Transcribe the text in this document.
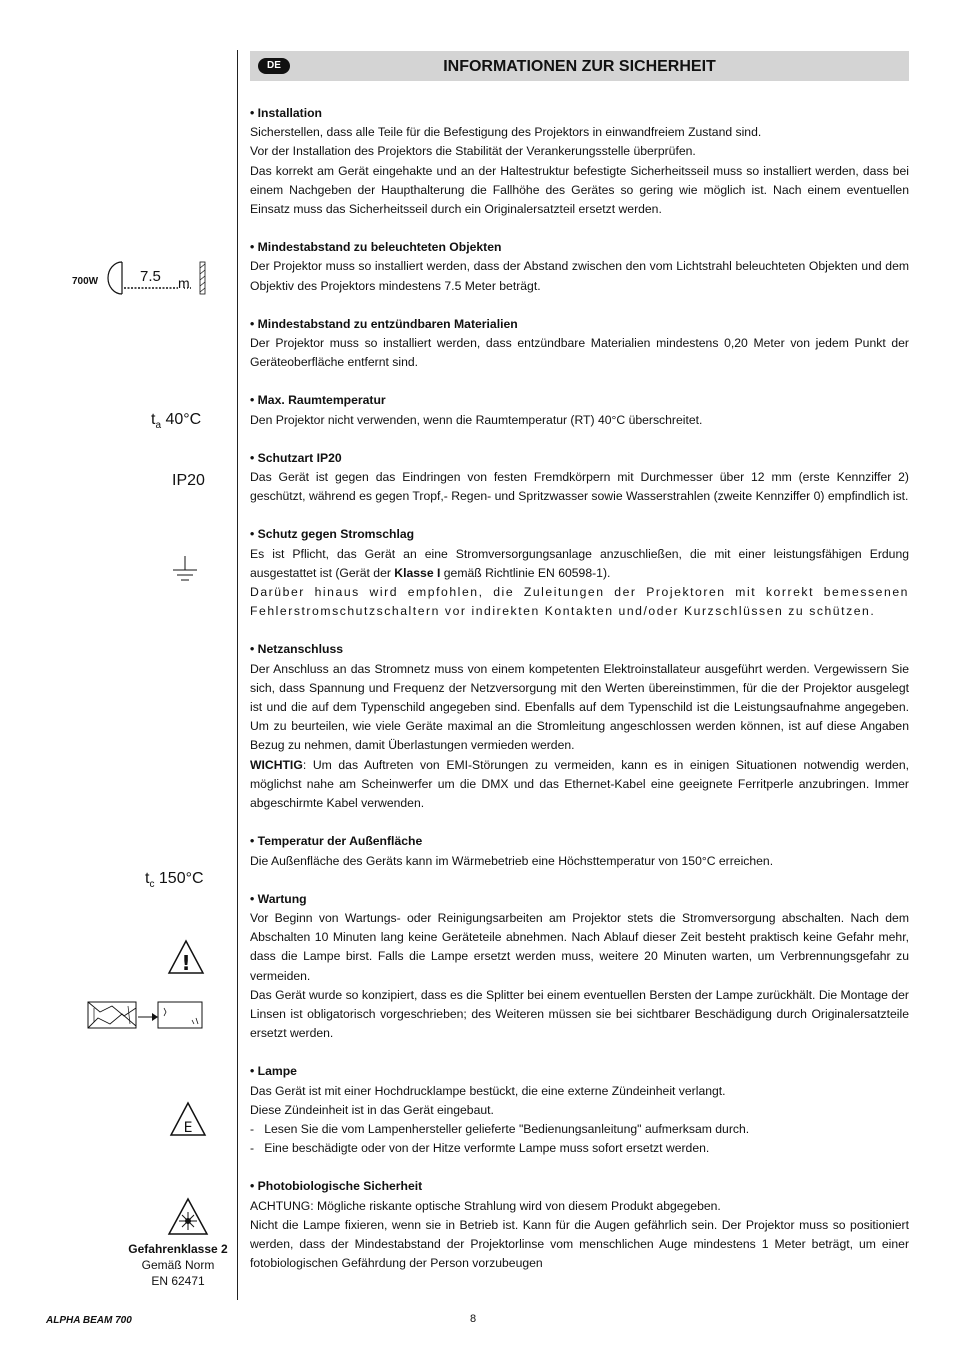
DE	INFORMATIONEN ZUR SICHERHEIT

• Installation

Sicherstellen, dass alle Teile für die Befestigung des Projektors in einwandfreiem Zustand sind.

Vor der Installation des Projektors die Stabilität der Verankerungsstelle überprüfen.

Das korrekt am Gerät eingehakte und an der Haltestruktur befestigte Sicherheitsseil muss so installiert werden, dass bei einem Nachgeben der Haupthalterung die Fallhöhe des Gerätes so gering wie möglich ist. Nach einem eventuellen Einsatz muss das Sicherheitsseil durch ein Originalersatzteil ersetzt werden.

• Mindestabstand zu beleuchteten Objekten

Der Projektor muss so installiert werden, dass der Abstand zwischen den vom Lichtstrahl beleuchteten Objekten und dem Objektiv des Projektors mindestens 7.5 Meter beträgt.

• Mindestabstand zu entzündbaren Materialien

Der Projektor muss so installiert werden, dass entzündbare Materialien mindestens 0,20 Meter von jedem Punkt der Geräteoberfläche entfernt sind.

• Max. Raumtemperatur

Den Projektor nicht verwenden, wenn die Raumtemperatur (RT) 40°C überschreitet.

• Schutzart IP20

Das Gerät ist gegen das Eindringen von festen Fremdkörpern mit Durchmesser über 12 mm (erste Kennziffer 2) geschützt, während es gegen Tropf,- Regen- und Spritzwasser sowie Wasserstrahlen (zweite Kennziffer 0) empfindlich ist.

• Schutz gegen Stromschlag

Es ist Pflicht, das Gerät an eine Stromversorgungsanlage anzuschließen, die mit einer leistungsfähigen Erdung ausgestattet ist (Gerät der Klasse I gemäß Richtlinie EN 60598-1).

Darüber hinaus wird empfohlen, die Zuleitungen der Projektoren mit korrekt bemessenen Fehlerstromschutzschaltern vor indirekten Kontakten und/oder Kurzschlüssen zu schützen.

• Netzanschluss

Der Anschluss an das Stromnetz muss von einem kompetenten Elektroinstallateur ausgeführt werden. Vergewissern Sie sich, dass Spannung und Frequenz der Netzversorgung mit den Werten übereinstimmen, für die der Projektor ausgelegt ist und die auf dem Typenschild angegeben sind. Ebenfalls auf dem Typenschild ist die Leistungsaufnahme angegeben. Um zu beurteilen, wie viele Geräte maximal an die Stromleitung angeschlossen werden können, ist auf diese Angaben Bezug zu nehmen, damit Überlastungen vermieden werden.

WICHTIG: Um das Auftreten von EMI-Störungen zu vermeiden, kann es in einigen Situationen notwendig werden, möglichst nahe am Scheinwerfer um die DMX und das Ethernet-Kabel eine geeignete Ferritperle anzubringen. Immer abgeschirmte Kabel verwenden.

• Temperatur der Außenfläche

Die Außenfläche des Geräts kann im Wärmebetrieb eine Höchsttemperatur von 150°C erreichen.

• Wartung

Vor Beginn von Wartungs- oder Reinigungsarbeiten am Projektor stets die Stromversorgung abschalten. Nach dem Abschalten 10 Minuten lang keine Geräteteile abnehmen. Nach Ablauf dieser Zeit besteht praktisch keine Gefahr mehr, dass die Lampe birst. Falls die Lampe ersetzt werden muss, weitere 20 Minuten warten, um Verbrennungsgefahr zu vermeiden.

Das Gerät wurde so konzipiert, dass es die Splitter bei einem eventuellen Bersten der Lampe zurückhält. Die Montage der Linsen ist obligatorisch vorgeschrieben; des Weiteren müssen sie bei sichtbarer Beschädigung durch Originalersatzteile ersetzt werden.

• Lampe

Das Gerät ist mit einer Hochdrucklampe bestückt, die eine externe Zündeinheit verlangt.

Diese Zündeinheit ist in das Gerät eingebaut.

-   Lesen Sie die vom Lampenhersteller gelieferte "Bedienungsanleitung" aufmerksam durch.

-   Eine beschädigte oder von der Hitze verformte Lampe muss sofort ersetzt werden.

• Photobiologische Sicherheit

ACHTUNG: Mögliche riskante optische Strahlung wird von diesem Produkt abgegeben.

Nicht die Lampe fixieren, wenn sie in Betrieb ist. Kann für die Augen gefährlich sein. Der Projektor muss so positioniert werden, dass der Mindestabstand der Projektorlinse vom menschlichen Auge mindestens 1 Meter beträgt, um einer fotobiologischen Gefährdung der Person vorzubeugen

700W	7.5 m
$t_a$ 40°C
IP20
$t_c$ 150°C
!
E
Gefahrenklasse 2
Gemäß Norm
EN 62471
ALPHA BEAM 700	8
